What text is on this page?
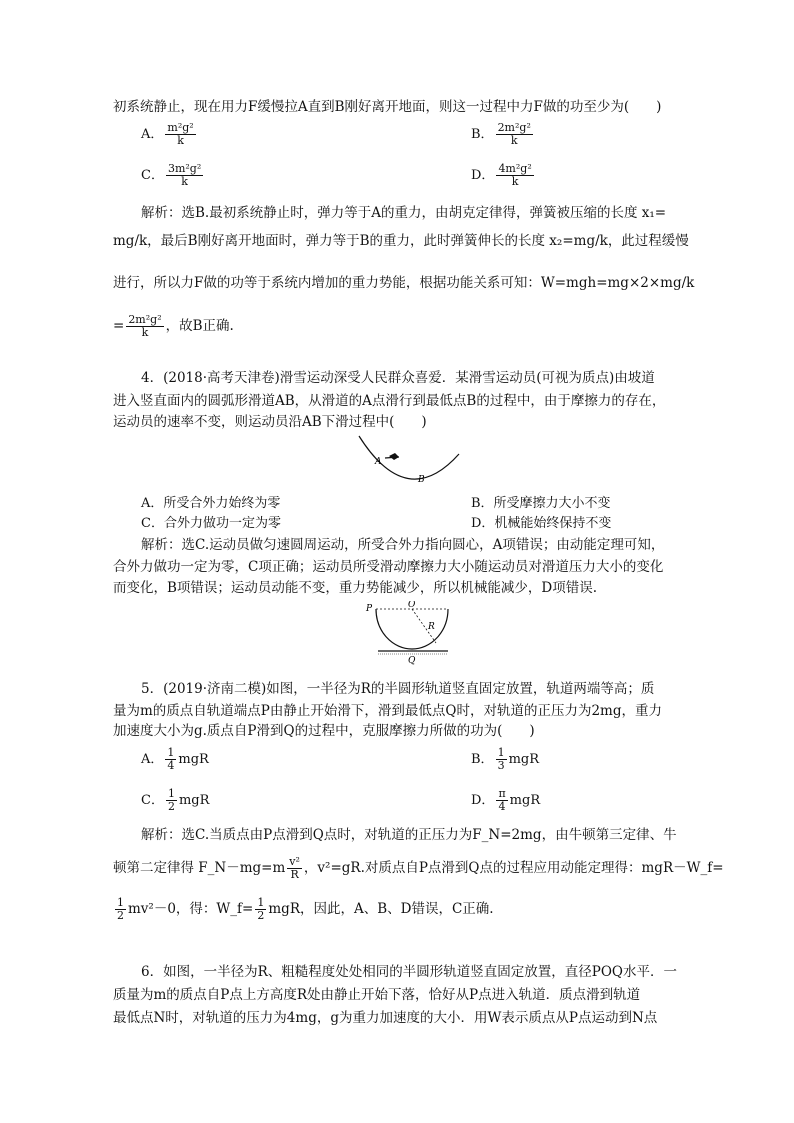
初系统静止，现在用力F缓慢拉A直到B刚好离开地面，则这一过程中力F做的功至少为(　　)
A． $\frac{\text{m²g²}}{k}$	B． $\frac{\text{2m²g²}}{k}$
C． $\frac{\text{3m²g²}}{k}$	D． $\frac{\text{4m²g²}}{k}$
解析：选B.最初系统静止时，弹力等于A的重力，由胡克定律得，弹簧被压缩的长度 x₁=
mg/k，最后B刚好离开地面时，弹力等于B的重力，此时弹簧伸长的长度 x₂=mg/k，此过程缓慢
进行，所以力F做的功等于系统内增加的重力势能，根据功能关系可知：W=mgh=mg×2×mg/k
= $\frac{\text{2m²g²}}{k}$ ，故B正确.
4．(2018·高考天津卷)滑雪运动深受人民群众喜爱．某滑雪运动员(可视为质点)由坡道
进入竖直面内的圆弧形滑道AB，从滑道的A点滑行到最低点B的过程中，由于摩擦力的存在，
运动员的速率不变，则运动员沿AB下滑过程中(　　)
A
B
A．所受合外力始终为零	B．所受摩擦力大小不变
C．合外力做功一定为零	D．机械能始终保持不变
解析：选C.运动员做匀速圆周运动，所受合外力指向圆心，A项错误；由动能定理可知，
合外力做功一定为零，C项正确；运动员所受滑动摩擦力大小随运动员对滑道压力大小的变化
而变化，B项错误；运动员动能不变，重力势能减少，所以机械能减少，D项错误.
P	O
R
Q
5．(2019·济南二模)如图，一半径为R的半圆形轨道竖直固定放置，轨道两端等高；质
量为m的质点自轨道端点P由静止开始滑下，滑到最低点Q时，对轨道的正压力为2mg，重力
加速度大小为g.质点自P滑到Q的过程中，克服摩擦力所做的功为(　　)
A． $\frac{1}{4}$ mgR	B． $\frac{1}{3}$ mgR
C． $\frac{1}{2}$ mgR	D． $\frac{\pi}{4}$ mgR
解析：选C.当质点由P点滑到Q点时，对轨道的正压力为F_N=2mg，由牛顿第三定律、牛
顿第二定律得 F_N－mg=m $\frac{\text{v²}}{R}$ ，v²=gR.对质点自P点滑到Q点的过程应用动能定理得：mgR－W_f=
$\frac{1}{2} mv^2-0$，得：W_f= $\frac{1}{2}$ mgR，因此，A、B、D错误，C正确.
6．如图，一半径为R、粗糙程度处处相同的半圆形轨道竖直固定放置，直径POQ水平．一
质量为m的质点自P点上方高度R处由静止开始下落，恰好从P点进入轨道．质点滑到轨道
最低点N时，对轨道的压力为4mg，g为重力加速度的大小．用W表示质点从P点运动到N点
